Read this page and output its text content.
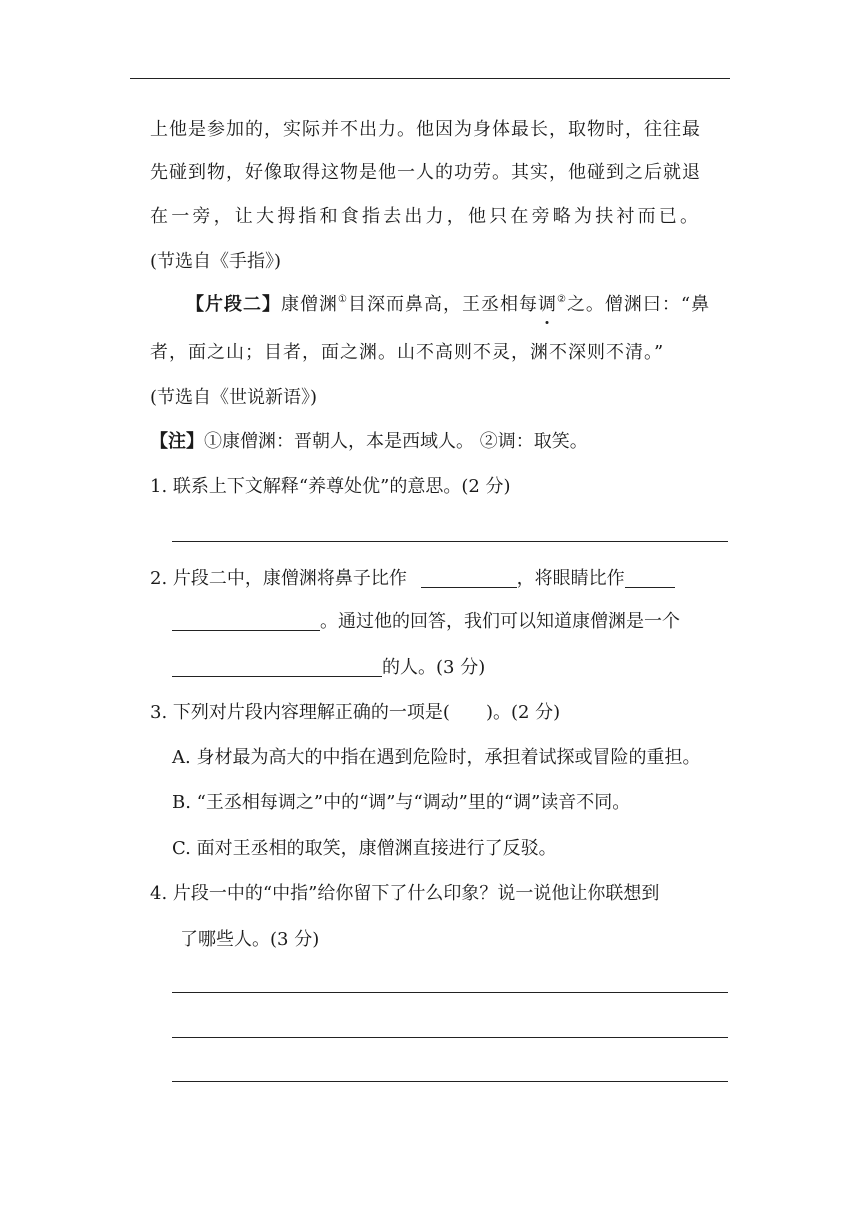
上他是参加的，实际并不出力。他因为身体最长，取物时，往往最
先碰到物，好像取得这物是他一人的功劳。其实，他碰到之后就退
在一旁，让大拇指和食指去出力，他只在旁略为扶衬而已。
(节选自《手指》)
【片段二】康僧渊①目深而鼻高，王丞相每调②之。僧渊曰：“鼻
者，面之山；目者，面之渊。山不高则不灵，渊不深则不清。”
(节选自《世说新语》)
【注】①康僧渊：晋朝人，本是西域人。 ②调：取笑。
1. 联系上下文解释“养尊处优”的意思。(2 分)
2. 片段二中，康僧渊将鼻子比作	，将眼睛比作
。通过他的回答，我们可以知道康僧渊是一个
的人。(3 分)
3. 下列对片段内容理解正确的一项是(　　)。(2 分)
A. 身材最为高大的中指在遇到危险时，承担着试探或冒险的重担。
B. “王丞相每调之”中的“调”与“调动”里的“调”读音不同。
C. 面对王丞相的取笑，康僧渊直接进行了反驳。
4. 片段一中的“中指”给你留下了什么印象？说一说他让你联想到
了哪些人。(3 分)
